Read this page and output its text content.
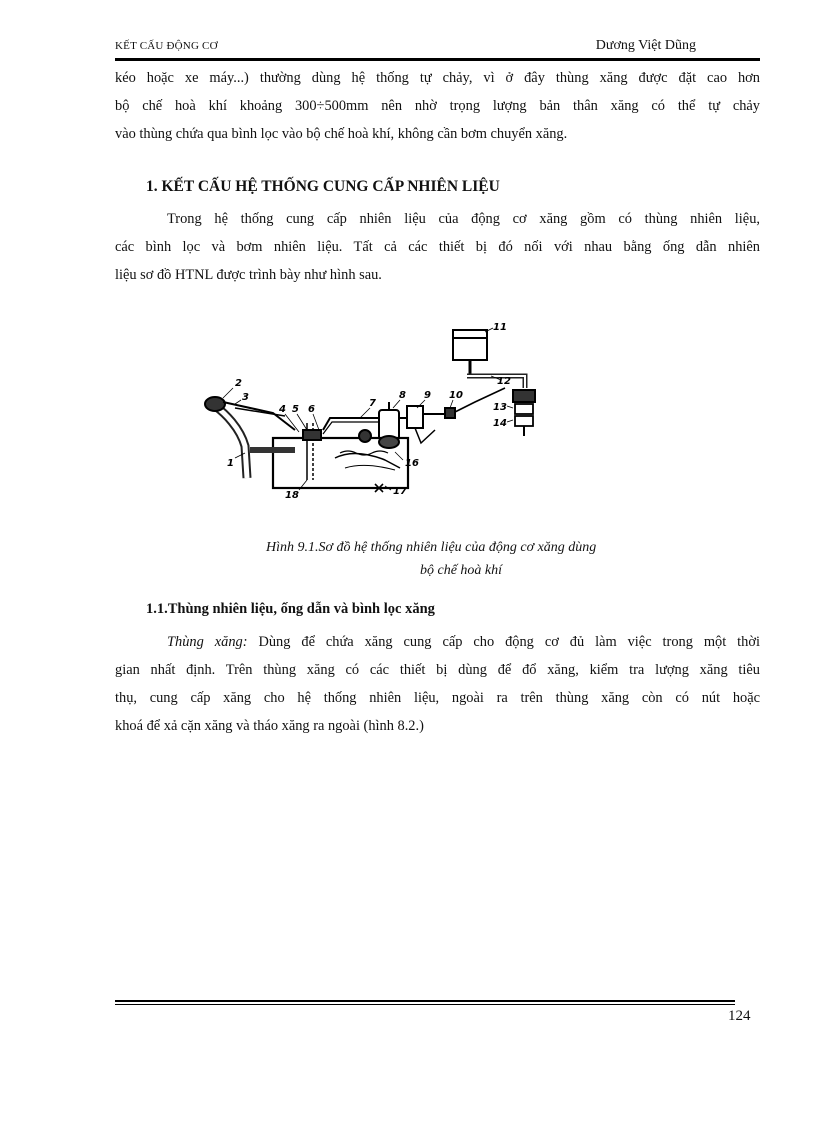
KẾT CẤU ĐỘNG CƠ	Dương Việt Dũng
kéo hoặc xe máy...) thường dùng hệ thống tự chảy, vì ở đây thùng xăng được đặt cao hơn
bộ chế hoà khí khoảng 300÷500mm nên nhờ trọng lượng bản thân xăng có thể tự chảy
vào thùng chứa qua bình lọc vào bộ chế hoà khí, không cần bơm chuyển xăng.
1. KẾT CẤU HỆ THỐNG CUNG CẤP NHIÊN LIỆU
Trong hệ thống cung cấp nhiên liệu của động cơ xăng gồm có thùng nhiên liệu,
các bình lọc và bơm nhiên liệu. Tất cả các thiết bị đó nối với nhau bằng ống dẫn nhiên
liệu sơ đồ HTNL được trình bày như hình sau.
2
3
1
4 5 6
7
8 9 10
11
12
13
14
16
17
18
Hình 9.1.Sơ đồ hệ thống nhiên liệu của động cơ xăng dùng
bộ chế hoà khí
1.1.Thùng nhiên liệu, ống dẫn và bình lọc xăng
Thùng xăng: Dùng để chứa xăng cung cấp cho động cơ đủ làm việc trong một thời
gian nhất định. Trên thùng xăng có các thiết bị dùng để đổ xăng, kiểm tra lượng xăng tiêu
thụ, cung cấp xăng cho hệ thống nhiên liệu, ngoài ra trên thùng xăng còn có nút hoặc
khoá để xả cặn xăng và tháo xăng ra ngoài (hình 8.2.)
124
